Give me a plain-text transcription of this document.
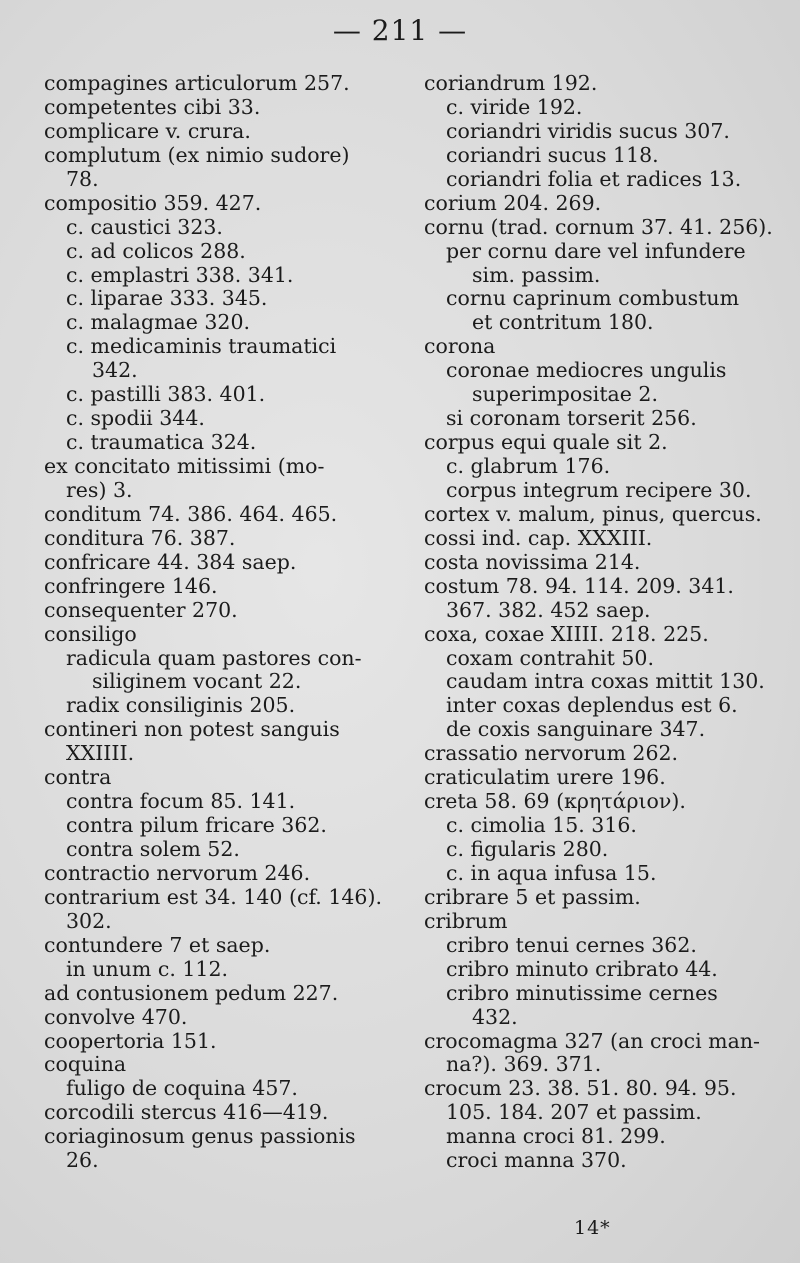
— 211 —
compagines articulorum 257.
competentes cibi 33.
complicare v. crura.
complutum (ex nimio sudore)
78.
compositio 359. 427.
c. caustici 323.
c. ad colicos 288.
c. emplastri 338. 341.
c. liparae 333. 345.
c. malagmae 320.
c. medicaminis traumatici
342.
c. pastilli 383. 401.
c. spodii 344.
c. traumatica 324.
ex concitato mitissimi (mo-
res) 3.
conditum 74. 386. 464. 465.
conditura 76. 387.
confricare 44. 384 saep.
confringere 146.
consequenter 270.
consiligo
radicula quam pastores con-
siliginem vocant 22.
radix consiliginis 205.
contineri non potest sanguis
XXIIII.
contra
contra focum 85. 141.
contra pilum fricare 362.
contra solem 52.
contractio nervorum 246.
contrarium est 34. 140 (cf. 146).
302.
contundere 7 et saep.
in unum c. 112.
ad contusionem pedum 227.
convolve 470.
coopertoria 151.
coquina
fuligo de coquina 457.
corcodili stercus 416—419.
coriaginosum genus passionis
26.
coriandrum 192.
c. viride 192.
coriandri viridis sucus 307.
coriandri sucus 118.
coriandri folia et radices 13.
corium 204. 269.
cornu (trad. cornum 37. 41. 256).
per cornu dare vel infundere
sim. passim.
cornu caprinum combustum
et contritum 180.
corona
coronae mediocres ungulis
superimpositae 2.
si coronam torserit 256.
corpus equi quale sit 2.
c. glabrum 176.
corpus integrum recipere 30.
cortex v. malum, pinus, quercus.
cossi ind. cap. XXXIII.
costa novissima 214.
costum 78. 94. 114. 209. 341.
367. 382. 452 saep.
coxa, coxae XIIII. 218. 225.
coxam contrahit 50.
caudam intra coxas mittit 130.
inter coxas deplendus est 6.
de coxis sanguinare 347.
crassatio nervorum 262.
craticulatim urere 196.
creta 58. 69 (κρητάριον).
c. cimolia 15. 316.
c. figularis 280.
c. in aqua infusa 15.
cribrare 5 et passim.
cribrum
cribro tenui cernes 362.
cribro minuto cribrato 44.
cribro minutissime cernes
432.
crocomagma 327 (an croci man-
na?). 369. 371.
crocum 23. 38. 51. 80. 94. 95.
105. 184. 207 et passim.
manna croci 81. 299.
croci manna 370.
14*
